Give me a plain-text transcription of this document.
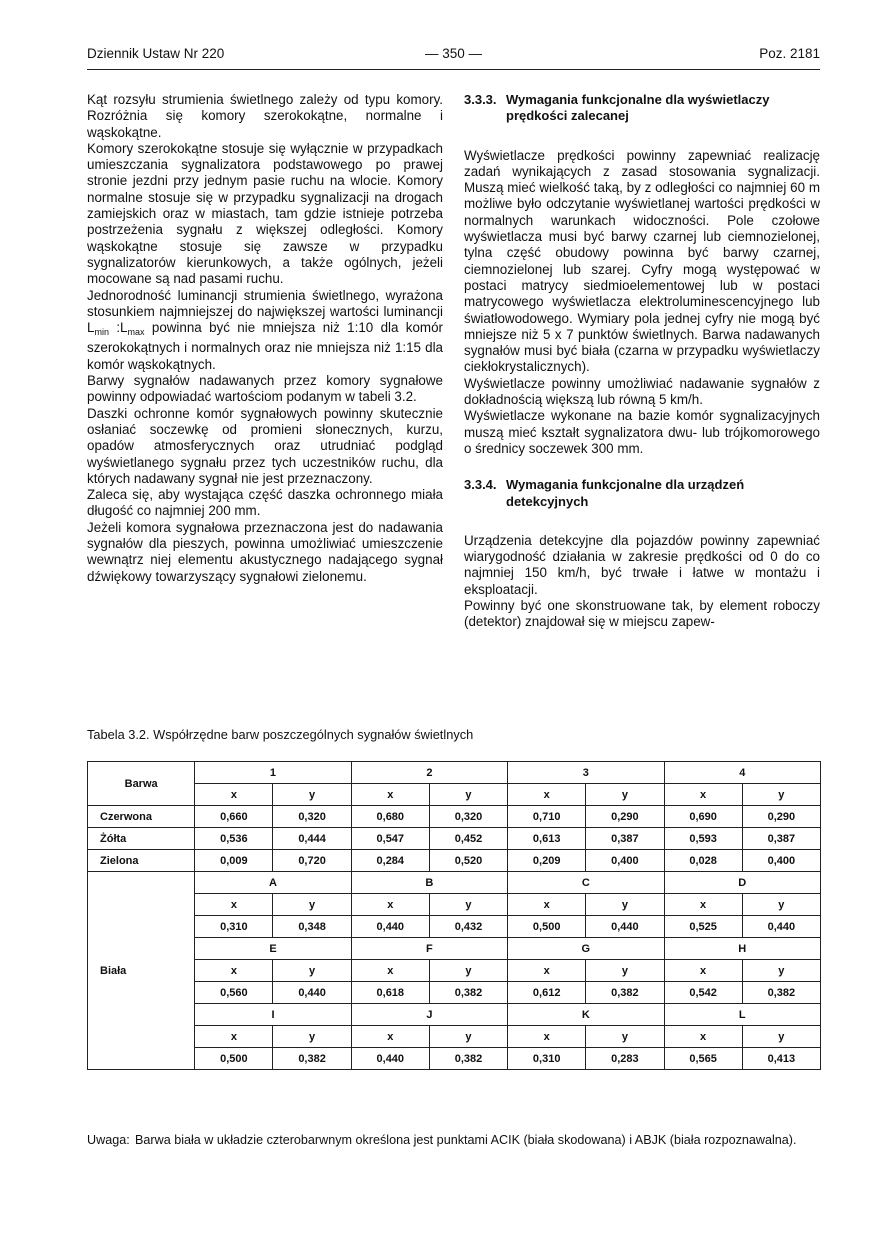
Dziennik Ustaw Nr 220	— 350 —	Poz. 2181

Kąt rozsyłu strumienia świetlnego zależy od typu komory. Rozróżnia się komory szerokokątne, normalne i wąskokątne.

Komory szerokokątne stosuje się wyłącznie w przypadkach umieszczania sygnalizatora podstawowego po prawej stronie jezdni przy jednym pasie ruchu na wlocie. Komory normalne stosuje się w przypadku sygnalizacji na drogach zamiejskich oraz w miastach, tam gdzie istnieje potrzeba postrzeżenia sygnału z większej odległości. Komory wąskokątne stosuje się zawsze w przypadku sygnalizatorów kierunkowych, a także ogólnych, jeżeli mocowane są nad pasami ruchu.

Jednorodność luminancji strumienia świetlnego, wyrażona stosunkiem najmniejszej do największej wartości luminancji $L_{min}$ $:L_{max}$ powinna być nie mniejsza niż 1:10 dla komór szerokokątnych i normalnych oraz nie mniejsza niż 1:15 dla komór wąskokątnych.

Barwy sygnałów nadawanych przez komory sygnałowe powinny odpowiadać wartościom podanym w tabeli 3.2.

Daszki ochronne komór sygnałowych powinny skutecznie osłaniać soczewkę od promieni słonecznych, kurzu, opadów atmosferycznych oraz utrudniać podgląd wyświetlanego sygnału przez tych uczestników ruchu, dla których nadawany sygnał nie jest przeznaczony.

Zaleca się, aby wystająca część daszka ochronnego miała długość co najmniej 200 mm.

Jeżeli komora sygnałowa przeznaczona jest do nadawania sygnałów dla pieszych, powinna umożliwiać umieszczenie wewnątrz niej elementu akustycznego nadającego sygnał dźwiękowy towarzyszący sygnałowi zielonemu.

3.3.3. Wymagania funkcjonalne dla wyświetlaczy prędkości zalecanej

Wyświetlacze prędkości powinny zapewniać realizację zadań wynikających z zasad stosowania sygnalizacji. Muszą mieć wielkość taką, by z odległości co najmniej 60 m możliwe było odczytanie wyświetlanej wartości prędkości w normalnych warunkach widoczności. Pole czołowe wyświetlacza musi być barwy czarnej lub ciemnozielonej, tylna część obudowy powinna być barwy czarnej, ciemnozielonej lub szarej. Cyfry mogą występować w postaci matrycy siedmioelementowej lub w postaci matrycowego wyświetlacza elektroluminescencyjnego lub światłowodowego. Wymiary pola jednej cyfry nie mogą być mniejsze niż 5 x 7 punktów świetlnych. Barwa nadawanych sygnałów musi być biała (czarna w przypadku wyświetlaczy ciekłokrystalicznych).

Wyświetlacze powinny umożliwiać nadawanie sygnałów z dokładnością większą lub równą 5 km/h.

Wyświetlacze wykonane na bazie komór sygnalizacyjnych muszą mieć kształt sygnalizatora dwu- lub trójkomorowego o średnicy soczewek 300 mm.

3.3.4. Wymagania funkcjonalne dla urządzeń detekcyjnych

Urządzenia detekcyjne dla pojazdów powinny zapewniać wiarygodność działania w zakresie prędkości od 0 do co najmniej 150 km/h, być trwałe i łatwe w montażu i eksploatacji.

Powinny być one skonstruowane tak, by element roboczy (detektor) znajdował się w miejscu zapew-

Tabela 3.2. Współrzędne barw poszczególnych sygnałów świetlnych
Barwa	1		2		3		4	
	x	y	x	y	x	y	x	y
Czerwona	0,660	0,320	0,680	0,320	0,710	0,290	0,690	0,290
Żółta	0,536	0,444	0,547	0,452	0,613	0,387	0,593	0,387
Zielona	0,009	0,720	0,284	0,520	0,209	0,400	0,028	0,400
Biała	A		B		C		D	
	x	y	x	y	x	y	x	y
	0,310	0,348	0,440	0,432	0,500	0,440	0,525	0,440
	E		F		G		H	
	x	y	x	y	x	y	x	y
	0,560	0,440	0,618	0,382	0,612	0,382	0,542	0,382
	I		J		K		L	
	x	y	x	y	x	y	x	y
	0,500	0,382	0,440	0,382	0,310	0,283	0,565	0,413
Uwaga: Barwa biała w układzie czterobarwnym określona jest punktami ACIK (biała skodowana) i ABJK (biała rozpoznawalna).
